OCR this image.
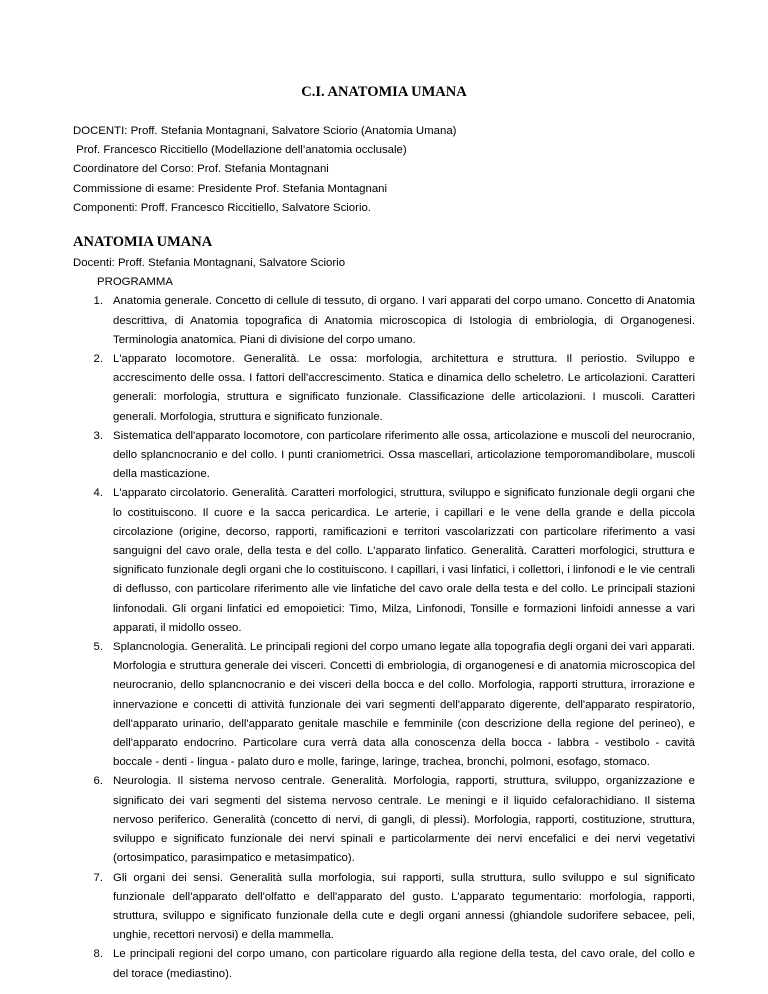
C.I. ANATOMIA UMANA
DOCENTI: Proff. Stefania Montagnani, Salvatore Sciorio (Anatomia Umana)
Prof. Francesco Riccitiello (Modellazione dell’anatomia occlusale)
Coordinatore del Corso: Prof. Stefania Montagnani
Commissione di esame: Presidente Prof. Stefania Montagnani
Componenti: Proff. Francesco Riccitiello, Salvatore Sciorio.
ANATOMIA UMANA
Docenti: Proff. Stefania Montagnani, Salvatore Sciorio
PROGRAMMA
1. Anatomia generale. Concetto di cellule di tessuto, di organo. I vari apparati del corpo umano. Concetto di Anatomia descrittiva, di Anatomia topografica di Anatomia microscopica di Istologia di embriologia, di Organogenesi. Terminologia anatomica. Piani di divisione del corpo umano.
2. L'apparato locomotore. Generalità. Le ossa: morfologia, architettura e struttura. Il periostio. Sviluppo e accrescimento delle ossa. I fattori dell'accrescimento. Statica e dinamica dello scheletro. Le articolazioni. Caratteri generali: morfologia, struttura e significato funzionale. Classificazione delle articolazioni. I muscoli. Caratteri generali. Morfologia, struttura e significato funzionale.
3. Sistematica dell'apparato locomotore, con particolare riferimento alle ossa, articolazione e muscoli del neurocranio, dello splancnocranio e del collo. I punti craniometrici. Ossa mascellari, articolazione temporomandibolare, muscoli della masticazione.
4. L'apparato circolatorio. Generalità. Caratteri morfologici, struttura, sviluppo e significato funzionale degli organi che lo costituiscono. Il cuore e la sacca pericardica. Le arterie, i capillari e le vene della grande e della piccola circolazione (origine, decorso, rapporti, ramificazioni e territori vascolarizzati con particolare riferimento a vasi sanguigni del cavo orale, della testa e del collo. L'apparato linfatico. Generalità. Caratteri morfologici, struttura e significato funzionale degli organi che lo costituiscono. I capillari, i vasi linfatici, i collettori, i linfonodi e le vie centrali di deflusso, con particolare riferimento alle vie linfatiche del cavo orale della testa e del collo. Le principali stazioni linfonodali. Gli organi linfatici ed emopoietici: Timo, Milza, Linfonodi, Tonsille e formazioni linfoidi annesse a vari apparati, il midollo osseo.
5. Splancnologia. Generalità. Le principali regioni del corpo umano legate alla topografia degli organi dei vari apparati. Morfologia e struttura generale dei visceri. Concetti di embriologia, di organogenesi e di anatomia microscopica del neurocranio, dello splancnocranio e dei visceri della bocca e del collo. Morfologia, rapporti struttura, irrorazione e innervazione e concetti di attività funzionale dei vari segmenti dell'apparato digerente, dell'apparato respiratorio, dell'apparato urinario, dell'apparato genitale maschile e femminile (con descrizione della regione del perineo), e dell'apparato endocrino. Particolare cura verrà data alla conoscenza della bocca - labbra - vestibolo - cavità boccale - denti - lingua - palato duro e molle, faringe, laringe, trachea, bronchi, polmoni, esofago, stomaco.
6. Neurologia. Il sistema nervoso centrale. Generalità. Morfologia, rapporti, struttura, sviluppo, organizzazione e significato dei vari segmenti del sistema nervoso centrale. Le meningi e il liquido cefalorachidiano. Il sistema nervoso periferico. Generalità (concetto di nervi, di gangli, di plessi). Morfologia, rapporti, costituzione, struttura, sviluppo e significato funzionale dei nervi spinali e particolarmente dei nervi encefalici e dei nervi vegetativi (ortosimpatico, parasimpatico e metasimpatico).
7. Gli organi dei sensi. Generalità sulla morfologia, sui rapporti, sulla struttura, sullo sviluppo e sul significato funzionale dell'apparato dell'olfatto e dell'apparato del gusto. L'apparato tegumentario: morfologia, rapporti, struttura, sviluppo e significato funzionale della cute e degli organi annessi (ghiandole sudorifere sebacee, peli, unghie, recettori nervosi) e della mammella.
8. Le principali regioni del corpo umano, con particolare riguardo alla regione della testa, del cavo orale, del collo e del torace (mediastino).
